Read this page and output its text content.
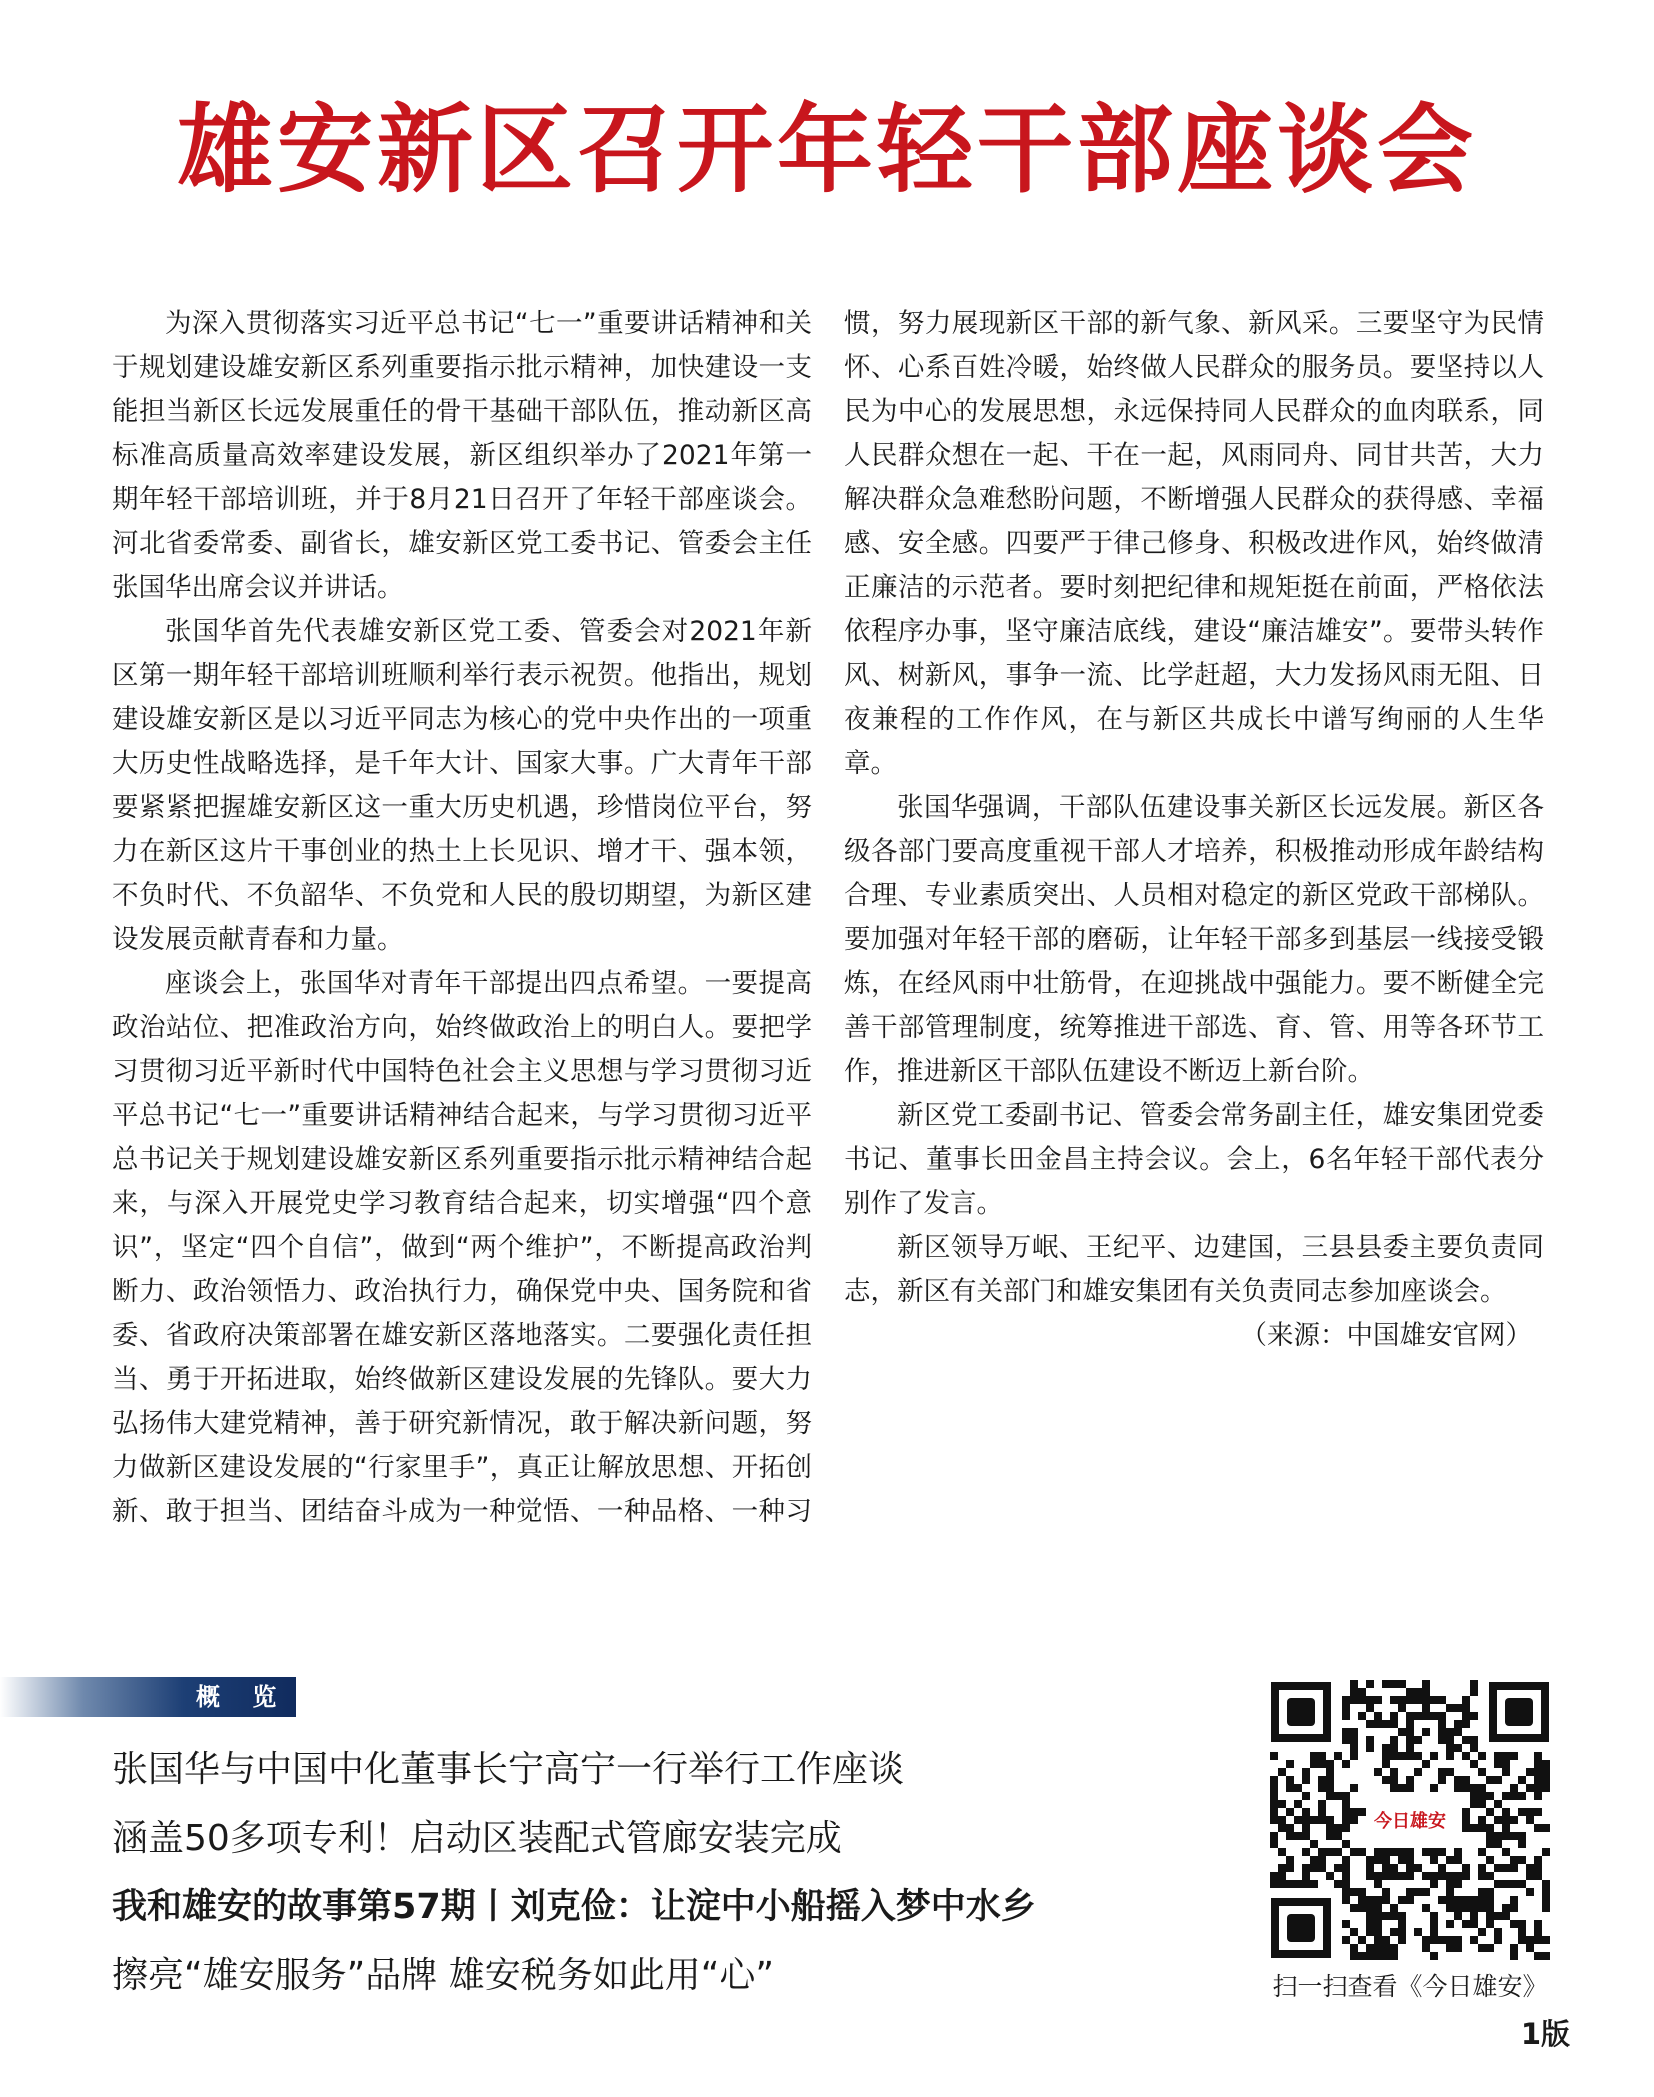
雄安新区召开年轻干部座谈会

为深入贯彻落实习近平总书记“七一”重要讲话精神和关于规划建设雄安新区系列重要指示批示精神，加快建设一支能担当新区长远发展重任的骨干基础干部队伍，推动新区高标准高质量高效率建设发展，新区组织举办了2021年第一期年轻干部培训班，并于8月21日召开了年轻干部座谈会。河北省委常委、副省长，雄安新区党工委书记、管委会主任张国华出席会议并讲话。

张国华首先代表雄安新区党工委、管委会对2021年新区第一期年轻干部培训班顺利举行表示祝贺。他指出，规划建设雄安新区是以习近平同志为核心的党中央作出的一项重大历史性战略选择，是千年大计、国家大事。广大青年干部要紧紧把握雄安新区这一重大历史机遇，珍惜岗位平台，努力在新区这片干事创业的热土上长见识、增才干、强本领，不负时代、不负韶华、不负党和人民的殷切期望，为新区建设发展贡献青春和力量。

座谈会上，张国华对青年干部提出四点希望。一要提高政治站位、把准政治方向，始终做政治上的明白人。要把学习贯彻习近平新时代中国特色社会主义思想与学习贯彻习近平总书记“七一”重要讲话精神结合起来，与学习贯彻习近平总书记关于规划建设雄安新区系列重要指示批示精神结合起来，与深入开展党史学习教育结合起来，切实增强“四个意识”，坚定“四个自信”，做到“两个维护”，不断提高政治判断力、政治领悟力、政治执行力，确保党中央、国务院和省委、省政府决策部署在雄安新区落地落实。二要强化责任担当、勇于开拓进取，始终做新区建设发展的先锋队。要大力弘扬伟大建党精神，善于研究新情况，敢于解决新问题，努力做新区建设发展的“行家里手”，真正让解放思想、开拓创新、敢于担当、团结奋斗成为一种觉悟、一种品格、一种习惯，努力展现新区干部的新气象、新风采。三要坚守为民情怀、心系百姓冷暖，始终做人民群众的服务员。要坚持以人民为中心的发展思想，永远保持同人民群众的血肉联系，同人民群众想在一起、干在一起，风雨同舟、同甘共苦，大力解决群众急难愁盼问题，不断增强人民群众的获得感、幸福感、安全感。四要严于律己修身、积极改进作风，始终做清正廉洁的示范者。要时刻把纪律和规矩挺在前面，严格依法依程序办事，坚守廉洁底线，建设“廉洁雄安”。要带头转作风、树新风，事争一流、比学赶超，大力发扬风雨无阻、日夜兼程的工作作风，在与新区共成长中谱写绚丽的人生华章。

张国华强调，干部队伍建设事关新区长远发展。新区各级各部门要高度重视干部人才培养，积极推动形成年龄结构合理、专业素质突出、人员相对稳定的新区党政干部梯队。要加强对年轻干部的磨砺，让年轻干部多到基层一线接受锻炼，在经风雨中壮筋骨，在迎挑战中强能力。要不断健全完善干部管理制度，统筹推进干部选、育、管、用等各环节工作，推进新区干部队伍建设不断迈上新台阶。

新区党工委副书记、管委会常务副主任，雄安集团党委书记、董事长田金昌主持会议。会上，6名年轻干部代表分别作了发言。

新区领导万岷、王纪平、边建国，三县县委主要负责同志，新区有关部门和雄安集团有关负责同志参加座谈会。

（来源：中国雄安官网）

概 览
张国华与中国中化董事长宁高宁一行举行工作座谈
涵盖50多项专利！启动区装配式管廊安装完成
我和雄安的故事第57期丨刘克俭：让淀中小船摇入梦中水乡
擦亮“雄安服务”品牌 雄安税务如此用“心”
今日雄安
扫一扫查看《今日雄安》
1版
